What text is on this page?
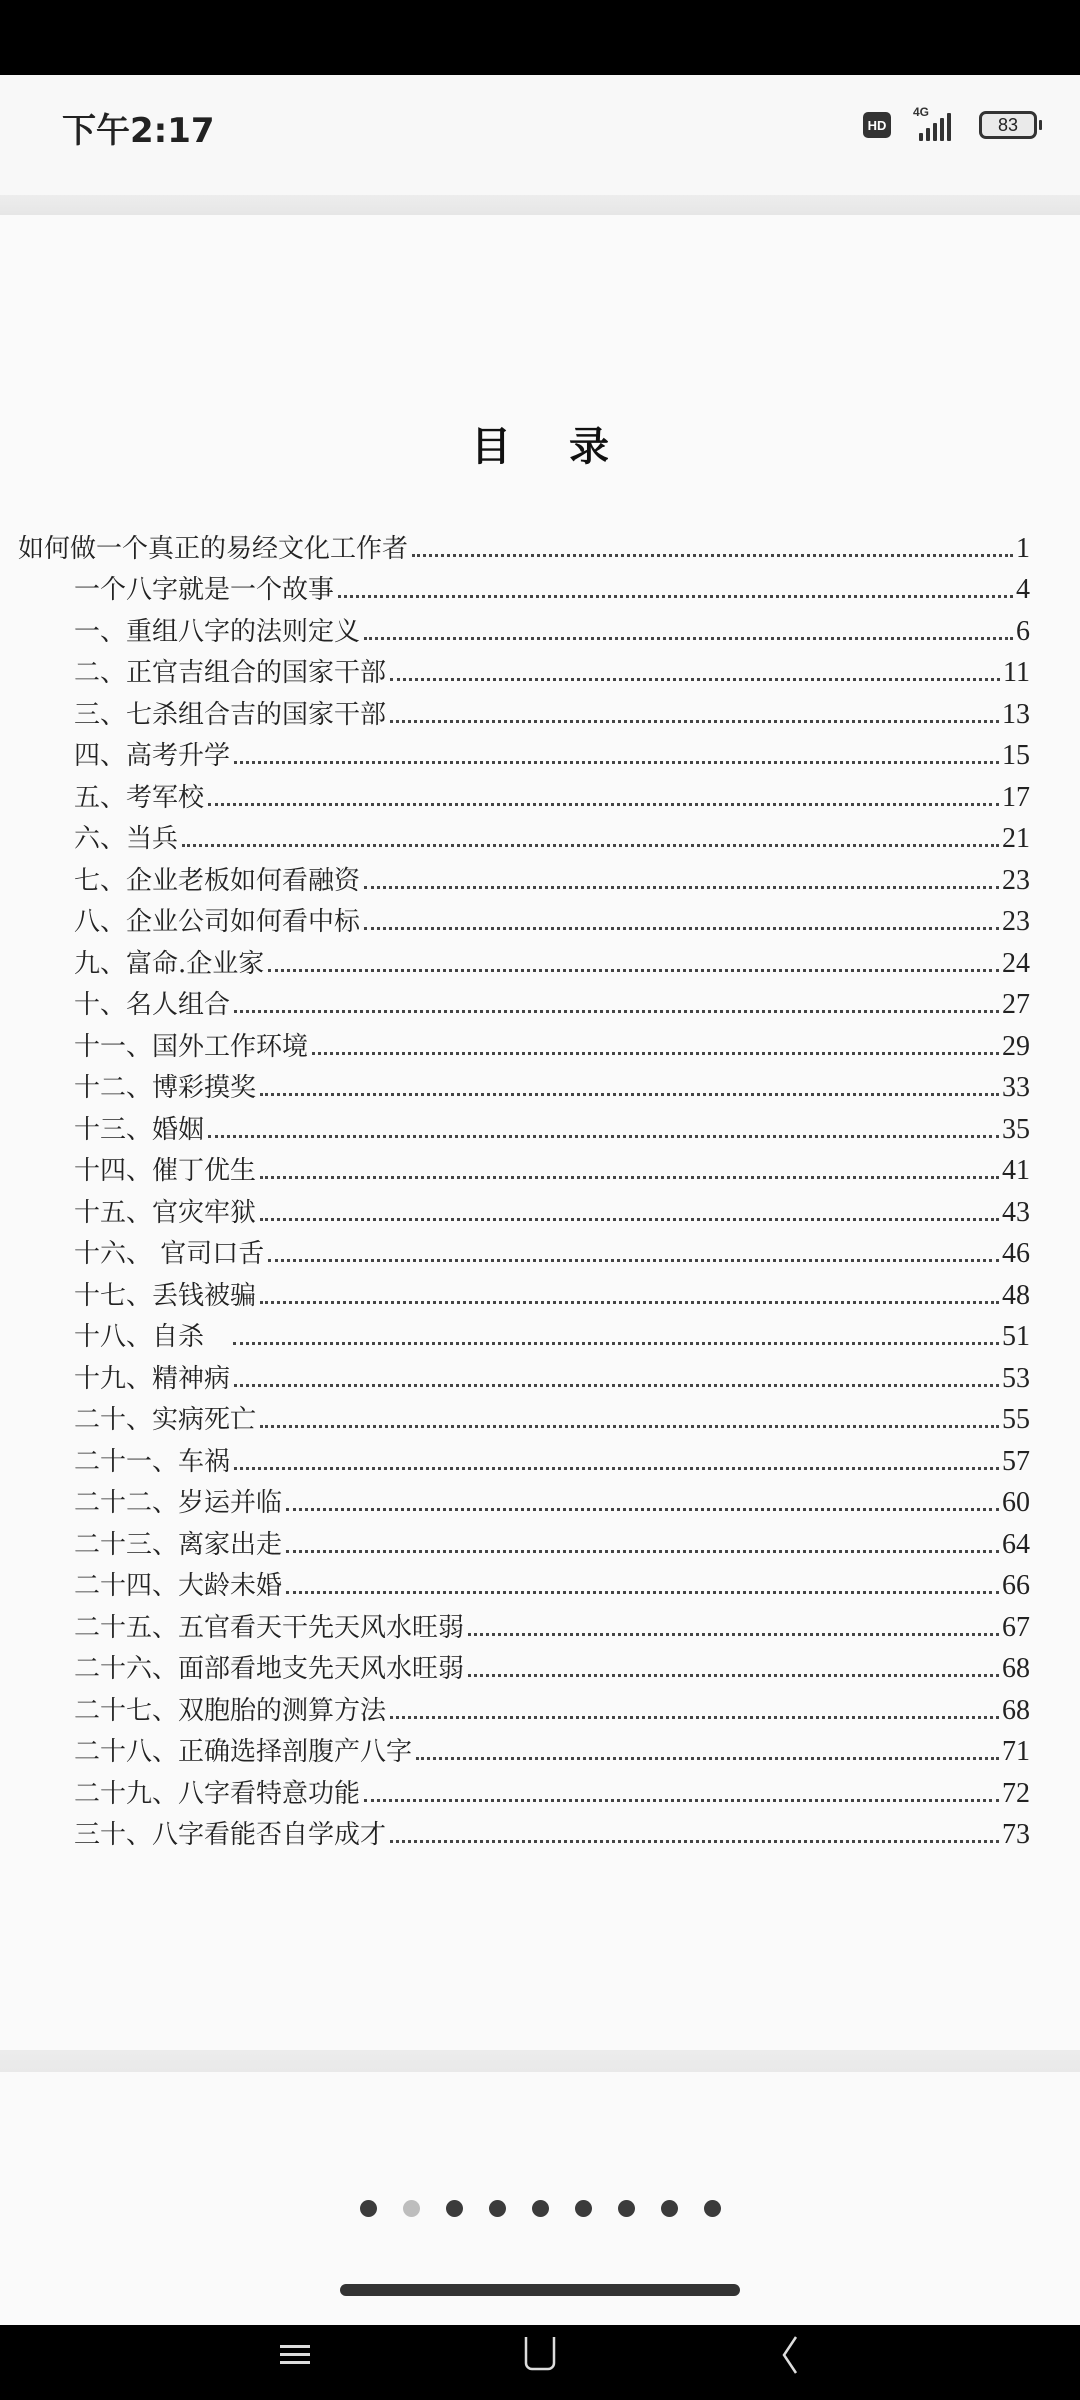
下午2:17	HD
4G
83
目 录
如何做一个真正的易经文化工作者	1
一个八字就是一个故事	4
一、重组八字的法则定义	6
二、正官吉组合的国家干部	11
三、七杀组合吉的国家干部	13
四、高考升学	15
五、考军校	17
六、当兵	21
七、企业老板如何看融资	23
八、企业公司如何看中标	23
九、富命.企业家	24
十、名人组合	27
十一、国外工作环境	29
十二、博彩摸奖	33
十三、婚姻	35
十四、催丁优生	41
十五、官灾牢狱	43
十六、 官司口舌	46
十七、丢钱被骗	48
十八、自杀	51
十九、精神病	53
二十、实病死亡	55
二十一、车祸	57
二十二、岁运并临	60
二十三、离家出走	64
二十四、大龄未婚	66
二十五、五官看天干先天风水旺弱	67
二十六、面部看地支先天风水旺弱	68
二十七、双胞胎的测算方法	68
二十八、正确选择剖腹产八字	71
二十九、八字看特意功能	72
三十、八字看能否自学成才	73
